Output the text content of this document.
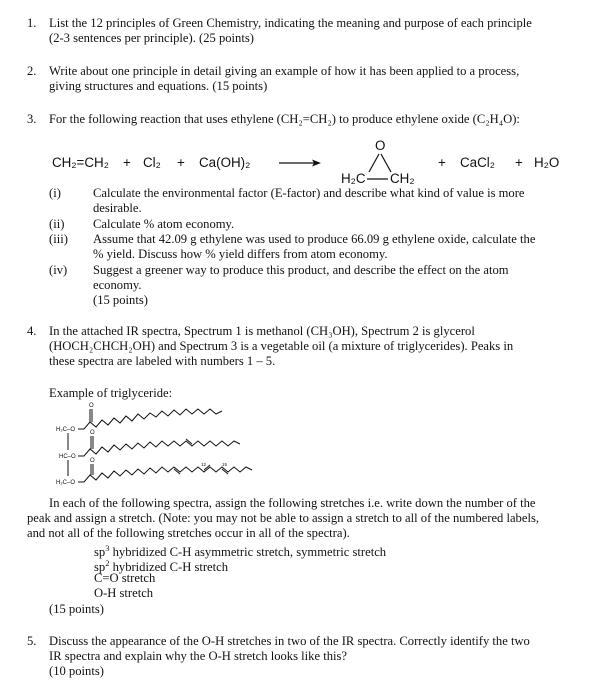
1. List the 12 principles of Green Chemistry, indicating the meaning and purpose of each principle
(2-3 sentences per principle). (25 points)
2. Write about one principle in detail giving an example of how it has been applied to a process,
giving structures and equations. (15 points)
3. For the following reaction that uses ethylene (CH₂=CH₂) to produce ethylene oxide (C₂H₄O):
CH₂=CH₂ + Cl₂ + Ca(OH)₂
O
H₂C CH₂
+ CaCl₂ + H₂O
(i)	Calculate the environmental factor (E-factor) and describe what kind of value is more
desirable.
(ii) Calculate % atom economy.
(iii) Assume that 42.09 g ethylene was used to produce 66.09 g ethylene oxide, calculate the
% yield. Discuss how % yield differs from atom economy.
(iv) Suggest a greener way to produce this product, and describe the effect on the atom
economy.
(15 points)
4. In the attached IR spectra, Spectrum 1 is methanol (CH₃OH), Spectrum 2 is glycerol
(HOCH₂CHCH₂OH) and Spectrum 3 is a vegetable oil (a mixture of triglycerides). Peaks in
these spectra are labeled with numbers 1 – 5.
Example of triglyceride:
H₂C–O
HC–O
H₂C–O
O
O
O
12	15
In each of the following spectra, assign the following stretches i.e. write down the number of the
peak and assign a stretch. (Note: you may not be able to assign a stretch to all of the numbered labels,
and not all of the following stretches occur in all of the spectra).
$sp^3$ hybridized C-H asymmetric stretch, symmetric stretch
$sp^2$ hybridized C-H stretch
C=O stretch
O-H stretch
(15 points)
5. Discuss the appearance of the O-H stretches in two of the IR spectra. Correctly identify the two
IR spectra and explain why the O-H stretch looks like this?
(10 points)
